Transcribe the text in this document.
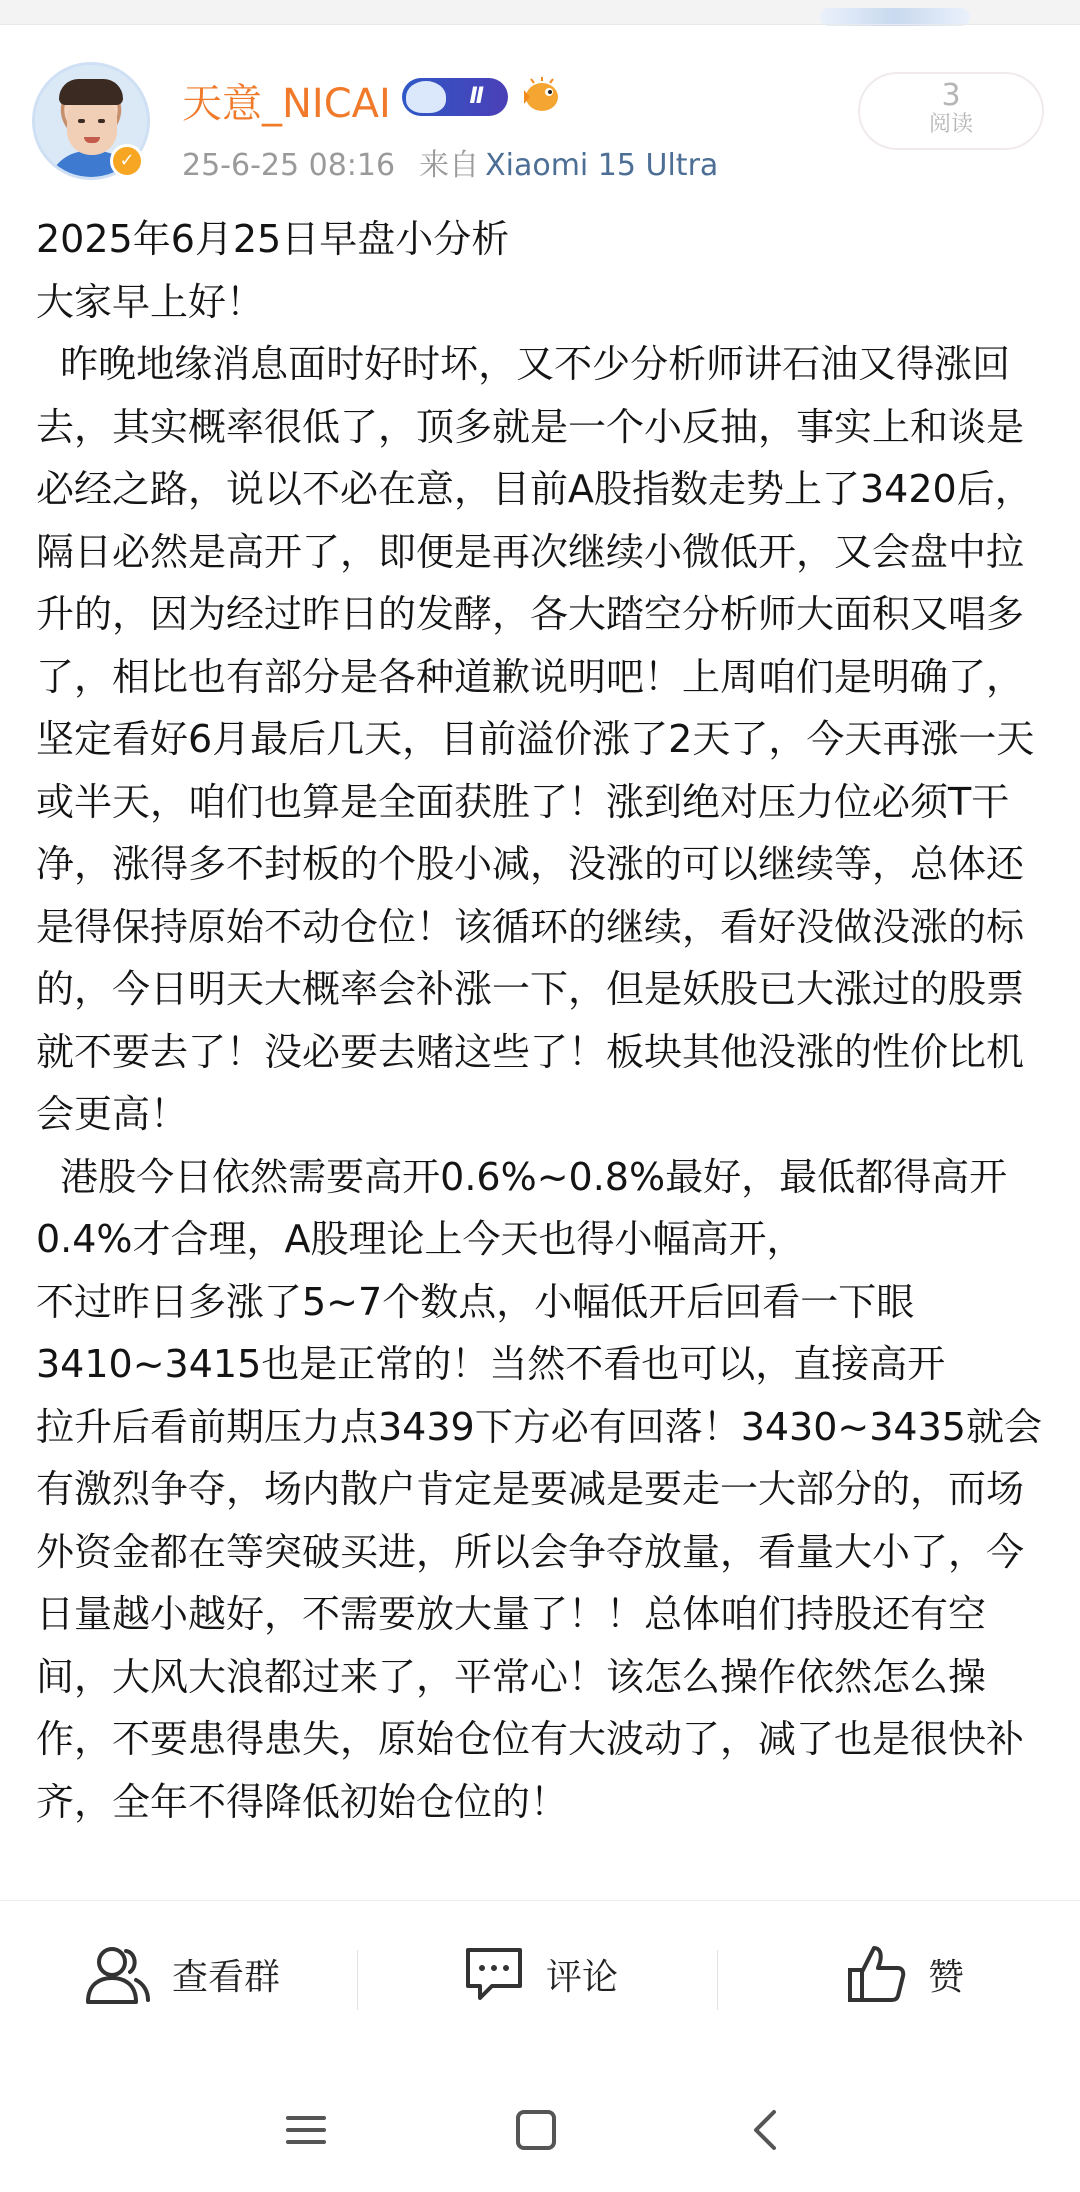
✓
天意_NICAI	Ⅱ
25-6-25 08:16 来自 Xiaomi 15 Ultra
3
阅读

2025年6月25日早盘小分析

大家早上好！

昨晚地缘消息面时好时坏，又不少分析师讲石油又得涨回去，其实概率很低了，顶多就是一个小反抽，事实上和谈是必经之路，说以不必在意，目前A股指数走势上了3420后，隔日必然是高开了，即便是再次继续小微低开，又会盘中拉升的，因为经过昨日的发酵，各大踏空分析师大面积又唱多了，相比也有部分是各种道歉说明吧！上周咱们是明确了，坚定看好6月最后几天，目前溢价涨了2天了，今天再涨一天或半天，咱们也算是全面获胜了！涨到绝对压力位必须T干净，涨得多不封板的个股小减，没涨的可以继续等，总体还是得保持原始不动仓位！该循环的继续，看好没做没涨的标的，今日明天大概率会补涨一下，但是妖股已大涨过的股票就不要去了！没必要去赌这些了！板块其他没涨的性价比机会更高！

港股今日依然需要高开0.6%~0.8%最好，最低都得高开0.4%才合理，A股理论上今天也得小幅高开，

不过昨日多涨了5~7个数点，小幅低开后回看一下眼

3410~3415也是正常的！当然不看也可以，直接高开

拉升后看前期压力点3439下方必有回落！3430~3435就会有激烈争夺，场内散户肯定是要减是要走一大部分的，而场外资金都在等突破买进，所以会争夺放量，看量大小了，今日量越小越好，不需要放大量了！！总体咱们持股还有空间，大风大浪都过来了，平常心！该怎么操作依然怎么操作，不要患得患失，原始仓位有大波动了，减了也是很快补齐，全年不得降低初始仓位的！

查看群	评论	赞
